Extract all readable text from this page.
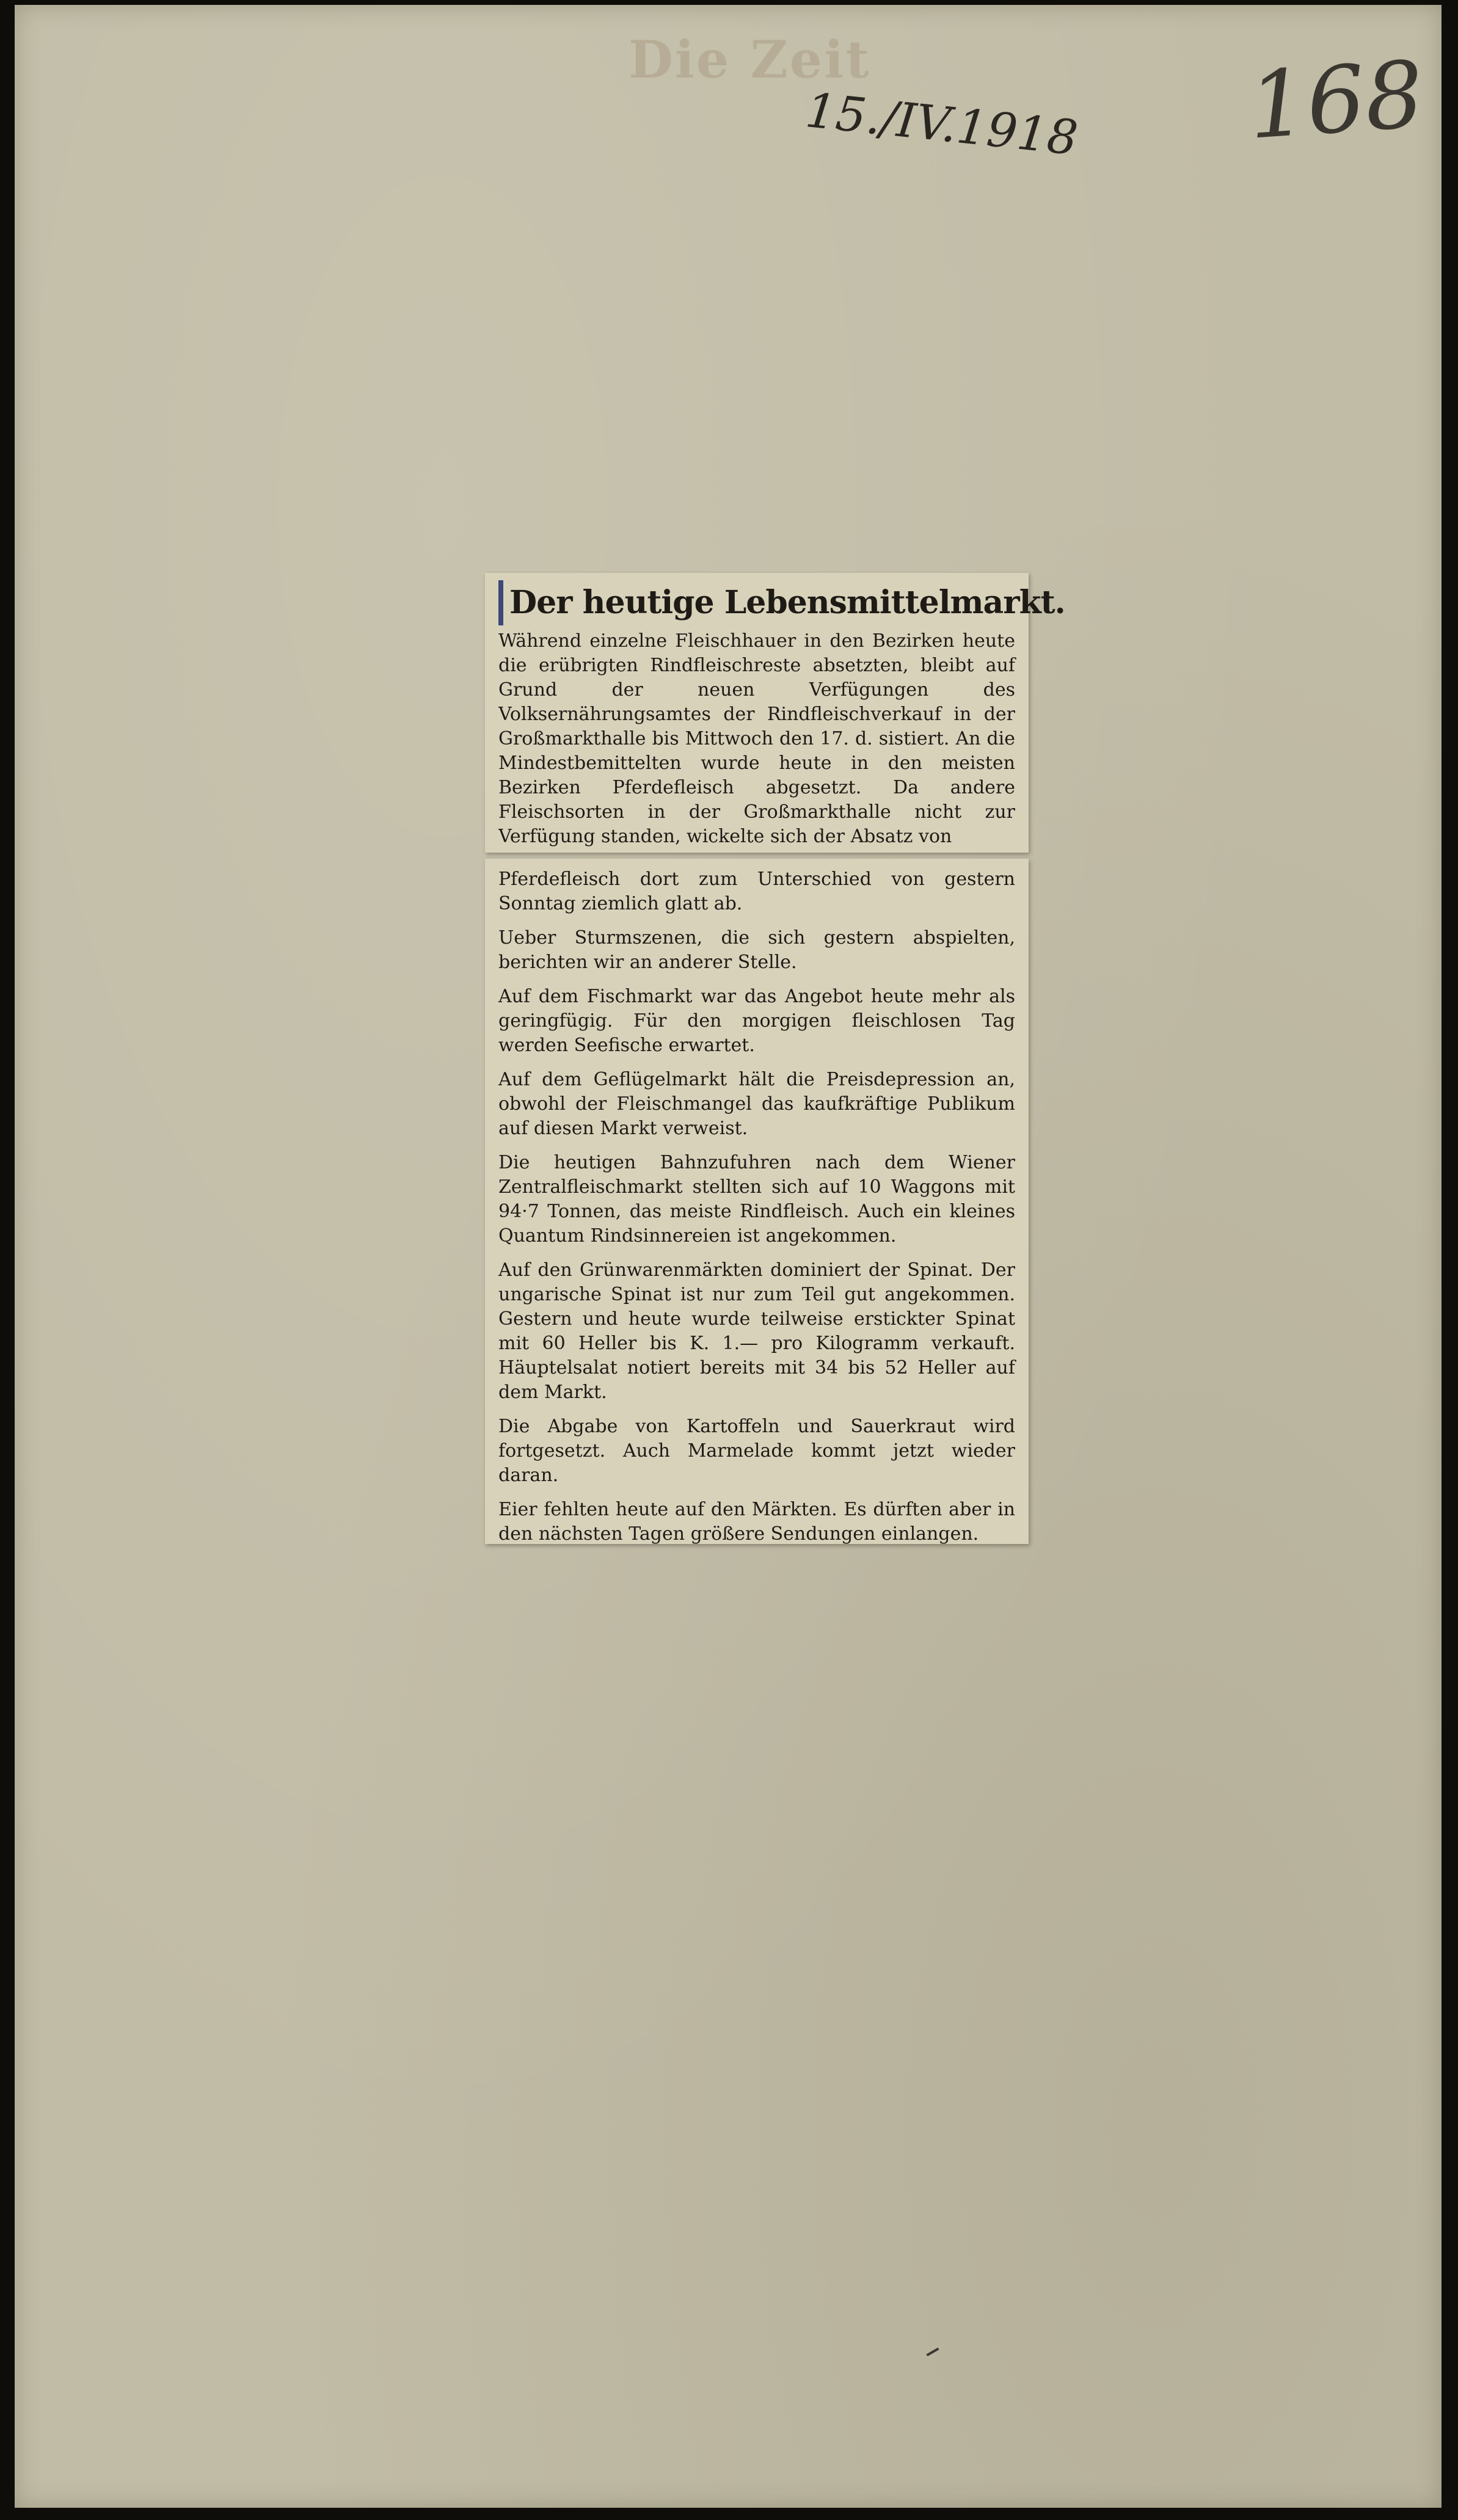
Die Zeit
15./IV.1918 168
Der heutige Lebensmittelmarkt.

Während einzelne Fleischhauer in den Bezirken heute die erübrigten Rindfleischreste absetzten, bleibt auf Grund der neuen Verfügungen des Volksernährungsamtes der Rindfleischverkauf in der Großmarkthalle bis Mittwoch den 17. d. sistiert. An die Mindestbemittelten wurde heute in den meisten Bezirken Pferdefleisch abgesetzt. Da andere Fleischsorten in der Großmarkthalle nicht zur Verfügung standen, wickelte sich der Absatz von

Pferdefleisch dort zum Unterschied von gestern Sonntag ziemlich glatt ab.

Ueber Sturmszenen, die sich gestern abspielten, berichten wir an anderer Stelle.

Auf dem Fischmarkt war das Angebot heute mehr als geringfügig. Für den morgigen fleischlosen Tag werden Seefische erwartet.

Auf dem Geflügelmarkt hält die Preisdepression an, obwohl der Fleischmangel das kaufkräftige Publikum auf diesen Markt verweist.

Die heutigen Bahnzufuhren nach dem Wiener Zentralfleischmarkt stellten sich auf 10 Waggons mit 94·7 Tonnen, das meiste Rindfleisch. Auch ein kleines Quantum Rindsinnereien ist angekommen.

Auf den Grünwarenmärkten dominiert der Spinat. Der ungarische Spinat ist nur zum Teil gut angekommen. Gestern und heute wurde teilweise erstickter Spinat mit 60 Heller bis K. 1.— pro Kilogramm verkauft. Häuptelsalat notiert bereits mit 34 bis 52 Heller auf dem Markt.

Die Abgabe von Kartoffeln und Sauerkraut wird fortgesetzt. Auch Marmelade kommt jetzt wieder daran.

Eier fehlten heute auf den Märkten. Es dürften aber in den nächsten Tagen größere Sendungen einlangen.
